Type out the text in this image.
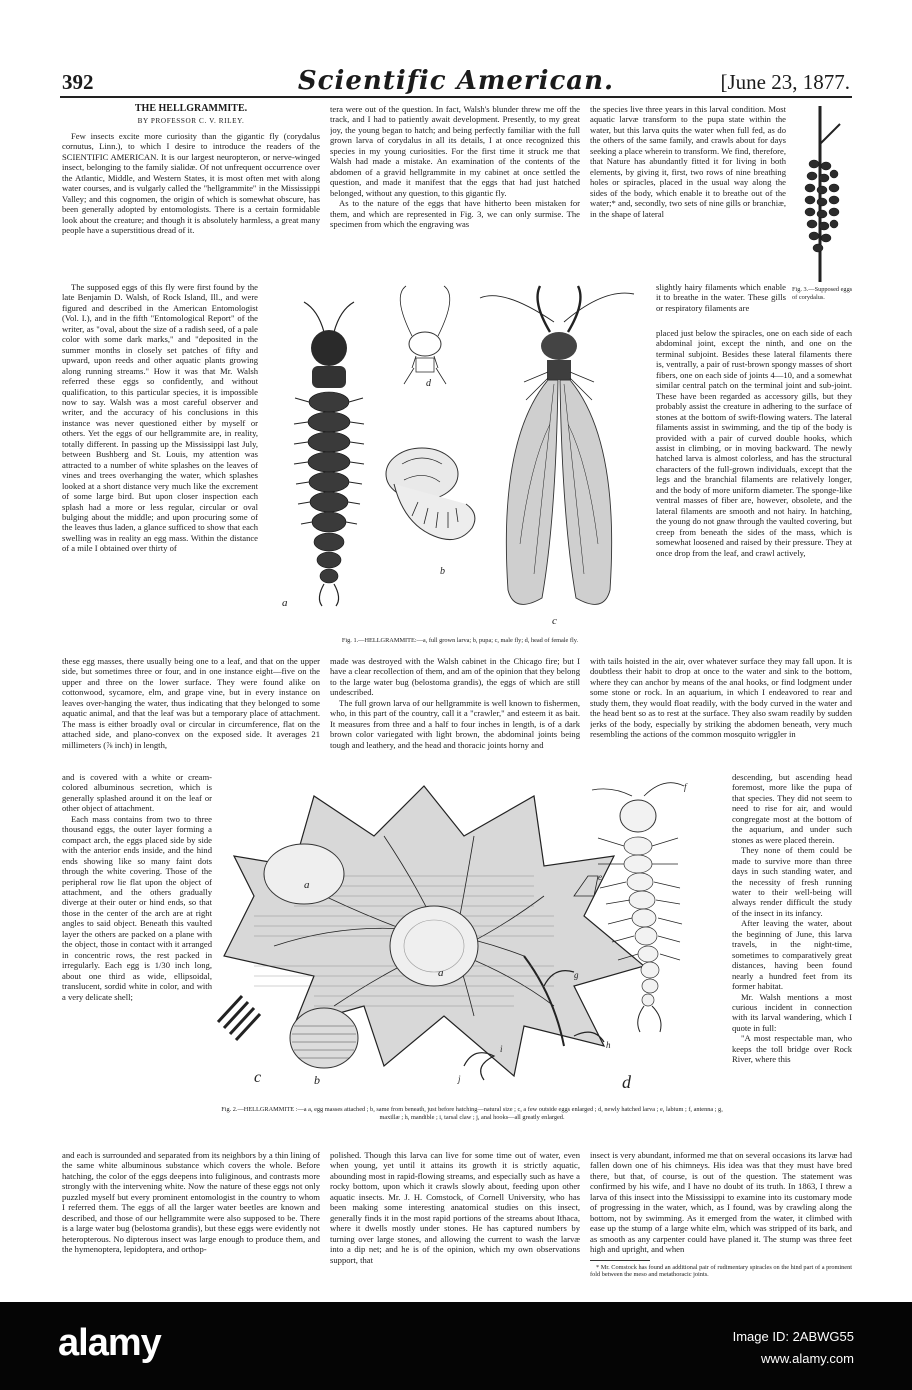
392	Scientific American.	[June 23, 1877.

THE HELLGRAMMITE.

BY PROFESSOR C. V. RILEY.

Few insects excite more curiosity than the gigantic fly (corydalus cornutus, Linn.), to which I desire to introduce the readers of the SCIENTIFIC AMERICAN. It is our largest neuropteron, or nerve-winged insect, belonging to the family sialidæ. Of not unfrequent occurrence over the Atlantic, Middle, and Western States, it is most often met with along water courses, and is vulgarly called the "hellgrammite" in the Mississippi Valley; and this cognomen, the origin of which is somewhat obscure, has been generally adopted by entomologists. There is a certain formidable look about the creature; and though it is absolutely harmless, a great many people have a superstitious dread of it.

The supposed eggs of this fly were first found by the late Benjamin D. Walsh, of Rock Island, Ill., and were figured and described in the American Entomologist (Vol. I.), and in the fifth "Entomological Report" of the writer, as "oval, about the size of a radish seed, of a pale color with some dark marks," and "deposited in the summer months in closely set patches of fifty and upward, upon reeds and other aquatic plants growing along running streams." How it was that Mr. Walsh referred these eggs so confidently, and without qualification, to this particular species, it is impossible now to say. Walsh was a most careful observer and writer, and the accuracy of his conclusions in this instance was never questioned either by myself or others. Yet the eggs of our hellgrammite are, in reality, totally different. In passing up the Mississippi last July, between Bushberg and St. Louis, my attention was attracted to a number of white splashes on the leaves of vines and trees overhanging the water, which splashes looked at a short distance very much like the excrement of some large bird. But upon closer inspection each splash had a more or less regular, circular or oval bulging about the middle; and upon procuring some of the leaves thus laden, a glance sufficed to show that each swelling was in reality an egg mass. Within the distance of a mile I obtained over thirty of

these egg masses, there usually being one to a leaf, and that on the upper side, but sometimes three or four, and in one instance eight—five on the upper and three on the lower surface. They were found alike on cottonwood, sycamore, elm, and grape vine, but in every instance on leaves over-hanging the water, thus indicating that they belonged to some aquatic animal, and that the leaf was but a temporary place of attachment. The mass is either broadly oval or circular in circumference, flat on the attached side, and plano-convex on the exposed side. It averages 21 millimeters (⅞ inch) in length,

and is covered with a white or cream-colored albuminous secretion, which is generally splashed around it on the leaf or other object of attachment.

Each mass contains from two to three thousand eggs, the outer layer forming a compact arch, the eggs placed side by side with the anterior ends inside, and the hind ends showing like so many faint dots through the white covering. Those of the peripheral row lie flat upon the object of attachment, and the others gradually diverge at their outer or hind ends, so that those in the center of the arch are at right angles to said object. Beneath this vaulted layer the others are packed on a plane with the object, those in contact with it arranged in concentric rows, the rest packed in irregularly. Each egg is 1/30 inch long, about one third as wide, ellipsoidal, translucent, sordid white in color, and with a very delicate shell;

and each is surrounded and separated from its neighbors by a thin lining of the same white albuminous substance which covers the whole. Before hatching, the color of the eggs deepens into fuliginous, and contrasts more strongly with the intervening white. Now the nature of these eggs not only puzzled myself but every prominent entomologist in the country to whom I referred them. The eggs of all the larger water beetles are known and described, and those of our hellgrammite were also supposed to be. There is a large water bug (belostoma grandis), but these eggs were evidently not heteropterous. No dipterous insect was large enough to produce them, and the hymenoptera, lepidoptera, and orthop-

tera were out of the question. In fact, Walsh's blunder threw me off the track, and I had to patiently await development. Presently, to my great joy, the young began to hatch; and being perfectly familiar with the full grown larva of corydalus in all its details, I at once recognized this species in my young curiosities. For the first time it struck me that Walsh had made a mistake. An examination of the contents of the abdomen of a gravid hellgrammite in my cabinet at once settled the question, and made it manifest that the eggs that had just hatched belonged, without any question, to this gigantic fly.

As to the nature of the eggs that have hitherto been mistaken for them, and which are represented in Fig. 3, we can only surmise. The specimen from which the engraving was

made was destroyed with the Walsh cabinet in the Chicago fire; but I have a clear recollection of them, and am of the opinion that they belong to the large water bug (belostoma grandis), the eggs of which are still undescribed.

The full grown larva of our hellgrammite is well known to fishermen, who, in this part of the country, call it a "crawler," and esteem it as bait. It measures from three and a half to four inches in length, is of a dark brown color variegated with light brown, the abdominal joints being tough and leathery, and the head and thoracic joints horny and

polished. Though this larva can live for some time out of water, even when young, yet until it attains its growth it is strictly aquatic, abounding most in rapid-flowing streams, and especially such as have a rocky bottom, upon which it crawls slowly about, feeding upon other aquatic insects. Mr. J. H. Comstock, of Cornell University, who has been making some interesting anatomical studies on this insect, generally finds it in the most rapid portions of the streams about Ithaca, where it dwells mostly under stones. He has captured numbers by turning over large stones, and allowing the current to wash the larvæ into a dip net; and he is of the opinion, which my own observations support, that

the species live three years in this larval condition. Most aquatic larvæ transform to the pupa state within the water, but this larva quits the water when full fed, as do the others of the same family, and crawls about for days seeking a place wherein to transform. We find, therefore, that Nature has abundantly fitted it for living in both elements, by giving it, first, two rows of nine breathing holes or spiracles, placed in the usual way along the sides of the body, which enable it to breathe out of the water;* and, secondly, two sets of nine gills or branchiæ, in the shape of lateral

slightly hairy filaments which enable it to breathe in the water. These gills or respiratory filaments are

placed just below the spiracles, one on each side of each abdominal joint, except the ninth, and one on the terminal subjoint. Besides these lateral filaments there is, ventrally, a pair of rust-brown spongy masses of short fibers, one on each side of joints 4—10, and a somewhat similar central patch on the terminal joint and sub-joint. These have been regarded as accessory gills, but they probably assist the creature in adhering to the surface of stones at the bottom of swift-flowing waters. The lateral filaments assist in swimming, and the tip of the body is provided with a pair of curved double hooks, which assist in climbing, or in moving backward. The newly hatched larva is almost colorless, and has the structural characters of the full-grown individuals, except that the legs and the branchial filaments are relatively longer, and the body of more uniform diameter. The sponge-like ventral masses of fiber are, however, obsolete, and the lateral filaments are smooth and not hairy. In hatching, the young do not gnaw through the vaulted covering, but creep from beneath the sides of the mass, which is somewhat loosened and raised by their pressure. They at once drop from the leaf, and crawl actively,

with tails hoisted in the air, over whatever surface they may fall upon. It is doubtless their habit to drop at once to the water and sink to the bottom, where they can anchor by means of the anal hooks, or find lodgment under some stone or rock. In an aquarium, in which I endeavored to rear and study them, they would float readily, with the body curved in the water and the head bent so as to rest at the surface. They also swam readily by sudden jerks of the body, especially by striking the abdomen beneath, very much resembling the actions of the common mosquito wriggler in

descending, but ascending head foremost, more like the pupa of that species. They did not seem to need to rise for air, and would congregate most at the bottom of the aquarium, and under such stones as were placed therein.

They none of them could be made to survive more than three days in such standing water, and the necessity of fresh running water to their well-being will always render difficult the study of the insect in its infancy.

After leaving the water, about the beginning of June, this larva travels, in the night-time, sometimes to comparatively great distances, having been found nearly a hundred feet from its former habitat.

Mr. Walsh mentions a most curious incident in connection with its larval wandering, which I quote in full:

"A most respectable man, who keeps the toll bridge over Rock River, where this

insect is very abundant, informed me that on several occasions its larvæ had fallen down one of his chimneys. His idea was that they must have bred there, but that, of course, is out of the question. The statement was confirmed by his wife, and I have no doubt of its truth. In 1863, I threw a larva of this insect into the Mississippi to examine into its customary mode of progressing in the water, which, as I found, was by crawling along the bottom, not by swimming. As it emerged from the water, it climbed with ease up the stump of a large white elm, which was stripped of its bark, and as smooth as any carpenter could have planed it. The stump was three feet high and upright, and when

* Mr. Comstock has found an additional pair of rudimentary spiracles on the hind part of a prominent fold between the meso and metathoracic joints.

Fig. 3.—Supposed eggs of corydalus.
a
b
c
d
Fig. 1.—HELLGRAMMITE:—a, full grown larva; b, pupa; c, male fly; d, head of female fly.
c	b	d
a
a
e
f
g
h
i
j
Fig. 2.—HELLGRAMMITE :—a a, egg masses attached ; b, same from beneath, just before hatching—natural size ; c, a few outside eggs enlarged ; d, newly hatched larva ; e, labium ; f, antenna ; g, maxillæ ; h, mandible ; i, tarsal claw ; j, anal hooks—all greatly enlarged.
alamy	Image ID: 2ABWG55
www.alamy.com
